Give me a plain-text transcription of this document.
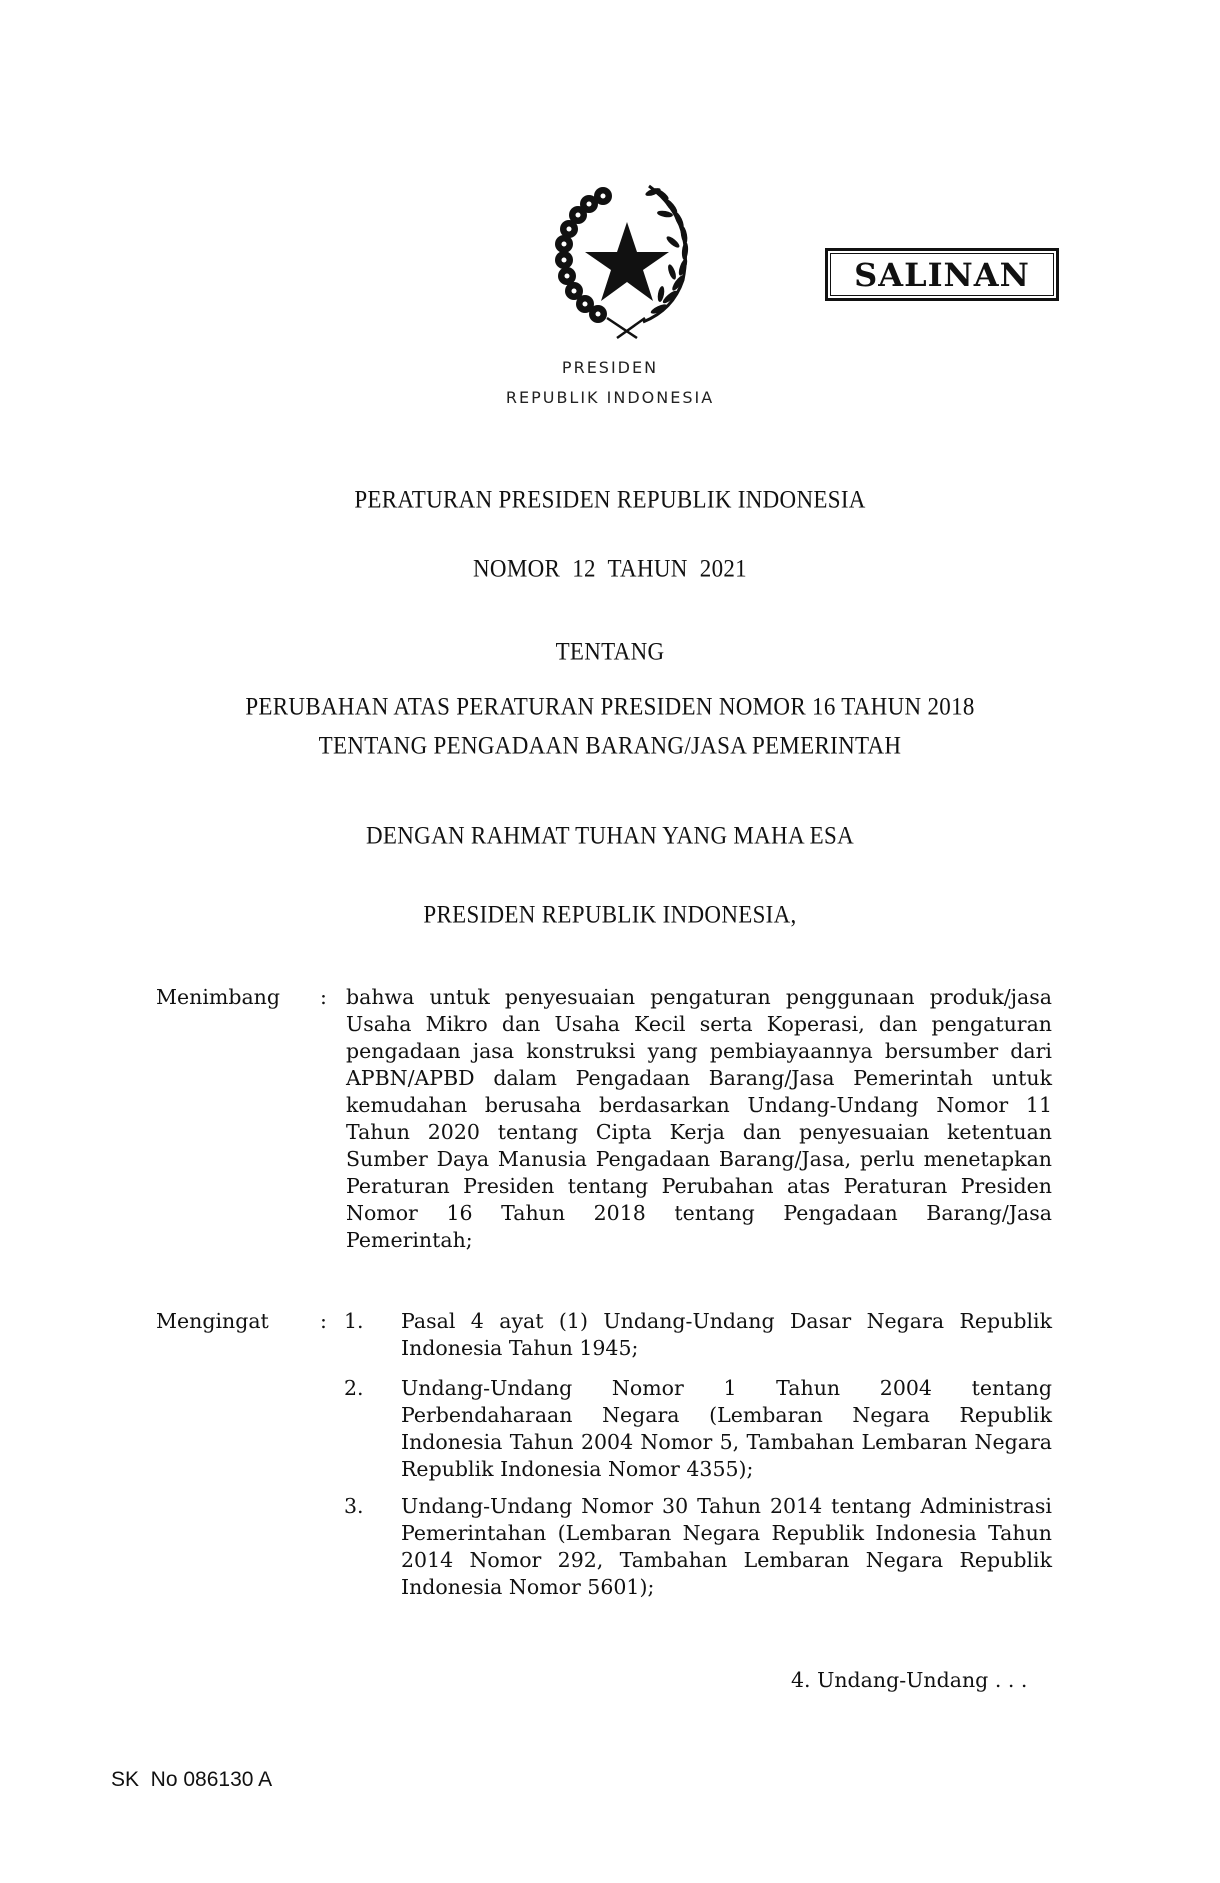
SALINAN
PRESIDEN
REPUBLIK INDONESIA
PERATURAN PRESIDEN REPUBLIK INDONESIA
NOMOR  12  TAHUN  2021
TENTANG
PERUBAHAN ATAS PERATURAN PRESIDEN NOMOR 16 TAHUN 2018
TENTANG PENGADAAN BARANG/JASA PEMERINTAH
DENGAN RAHMAT TUHAN YANG MAHA ESA
PRESIDEN REPUBLIK INDONESIA,
Menimbang : bahwa untuk penyesuaian pengaturan penggunaan produk/jasa Usaha Mikro dan Usaha Kecil serta Koperasi, dan pengaturan pengadaan jasa konstruksi yang pembiayaannya bersumber dari APBN/APBD dalam Pengadaan Barang/Jasa Pemerintah untuk kemudahan berusaha berdasarkan Undang-Undang Nomor 11 Tahun 2020 tentang Cipta Kerja dan penyesuaian ketentuan Sumber Daya Manusia Pengadaan Barang/Jasa, perlu menetapkan Peraturan Presiden tentang Perubahan atas Peraturan Presiden Nomor 16 Tahun 2018 tentang Pengadaan Barang/Jasa Pemerintah;
Mengingat : 1. Pasal 4 ayat (1) Undang-Undang Dasar Negara Republik Indonesia Tahun 1945;
2. Undang-Undang Nomor 1 Tahun 2004 tentang Perbendaharaan Negara (Lembaran Negara Republik Indonesia Tahun 2004 Nomor 5, Tambahan Lembaran Negara Republik Indonesia Nomor 4355);
3. Undang-Undang Nomor 30 Tahun 2014 tentang Administrasi Pemerintahan (Lembaran Negara Republik Indonesia Tahun 2014 Nomor 292, Tambahan Lembaran Negara Republik Indonesia Nomor 5601);
4. Undang-Undang . . .
SK  No 086130 A
